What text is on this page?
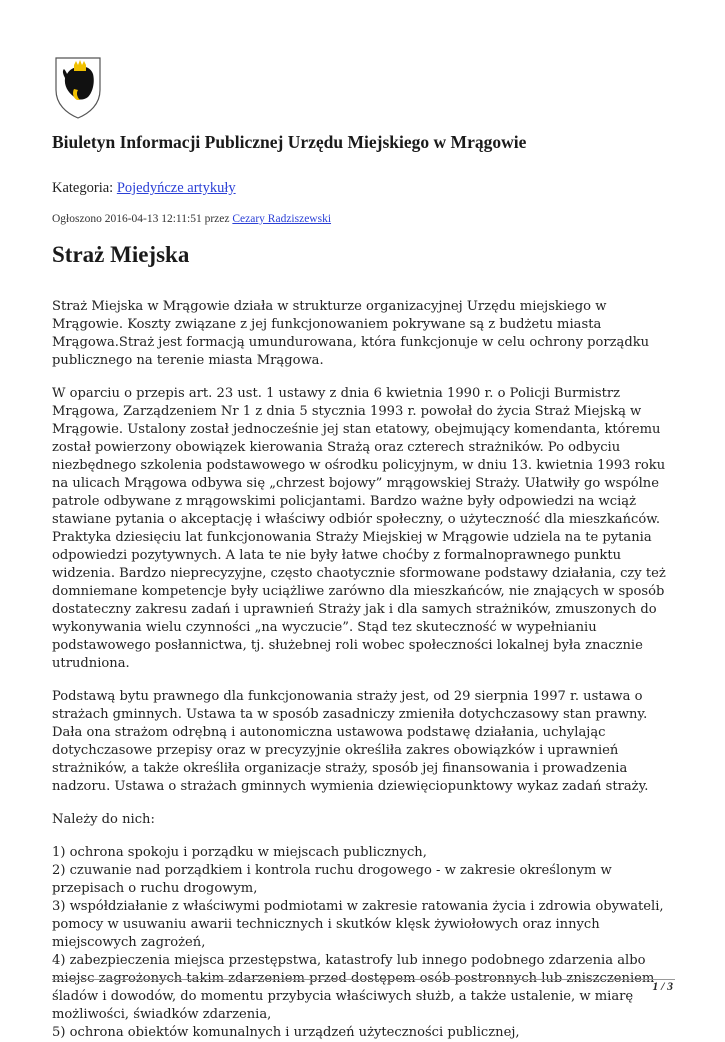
Biuletyn Informacji Publicznej Urzędu Miejskiego w Mrągowie
Kategoria: Pojedyńcze artykuły
Ogłoszono 2016-04-13 12:11:51 przez Cezary Radziszewski
Straż Miejska

Straż Miejska w Mrągowie działa w strukturze organizacyjnej Urzędu miejskiego w Mrągowie. Koszty związane z jej funkcjonowaniem pokrywane są z budżetu miasta Mrągowa.Straż jest formacją umundurowana, która funkcjonuje w celu ochrony porządku publicznego na terenie miasta Mrągowa.

W oparciu o przepis art. 23 ust. 1 ustawy z dnia 6 kwietnia 1990 r. o Policji Burmistrz Mrągowa, Zarządzeniem Nr 1 z dnia 5 stycznia 1993 r. powołał do życia Straż Miejską w Mrągowie. Ustalony został jednocześnie jej stan etatowy, obejmujący komendanta, któremu został powierzony obowiązek kierowania Strażą oraz czterech strażników. Po odbyciu niezbędnego szkolenia podstawowego w ośrodku policyjnym, w dniu 13. kwietnia 1993 roku na ulicach Mrągowa odbywa się „chrzest bojowy” mrągowskiej Straży. Ułatwiły go wspólne patrole odbywane z mrągowskimi policjantami. Bardzo ważne były odpowiedzi na wciąż stawiane pytania o akceptację i właściwy odbiór społeczny, o użyteczność dla mieszkańców. Praktyka dziesięciu lat funkcjonowania Straży Miejskiej w Mrągowie udziela na te pytania odpowiedzi pozytywnych. A lata te nie były łatwe choćby z formalnoprawnego punktu widzenia. Bardzo nieprecyzyjne, często chaotycznie sformowane podstawy działania, czy też domniemane kompetencje były uciążliwe zarówno dla mieszkańców, nie znających w sposób dostateczny zakresu zadań i uprawnień Straży jak i dla samych strażników, zmuszonych do wykonywania wielu czynności „na wyczucie”. Stąd tez skuteczność w wypełnianiu podstawowego posłannictwa, tj. służebnej roli wobec społeczności lokalnej była znacznie utrudniona.

Podstawą bytu prawnego dla funkcjonowania straży jest, od 29 sierpnia 1997 r. ustawa o strażach gminnych. Ustawa ta w sposób zasadniczy zmieniła dotychczasowy stan prawny. Dała ona strażom odrębną i autonomiczna ustawowa podstawę działania, uchylając dotychczasowe przepisy oraz w precyzyjnie określiła zakres obowiązków i uprawnień strażników, a także określiła organizacje straży, sposób jej finansowania i prowadzenia nadzoru. Ustawa o strażach gminnych wymienia dziewięciopunktowy wykaz zadań straży.

Należy do nich:

1) ochrona spokoju i porządku w miejscach publicznych,
2) czuwanie nad porządkiem i kontrola ruchu drogowego - w zakresie określonym w przepisach o ruchu drogowym,
3) współdziałanie z właściwymi podmiotami w zakresie ratowania życia i zdrowia obywateli, pomocy w usuwaniu awarii technicznych i skutków klęsk żywiołowych oraz innych miejscowych zagrożeń,
4) zabezpieczenia miejsca przestępstwa, katastrofy lub innego podobnego zdarzenia albo miejsc zagrożonych takim zdarzeniem przed dostępem osób postronnych lub zniszczeniem śladów i dowodów, do momentu przybycia właściwych służb, a także ustalenie, w miarę możliwości, świadków zdarzenia,
5) ochrona obiektów komunalnych i urządzeń użyteczności publicznej,
1 / 3
